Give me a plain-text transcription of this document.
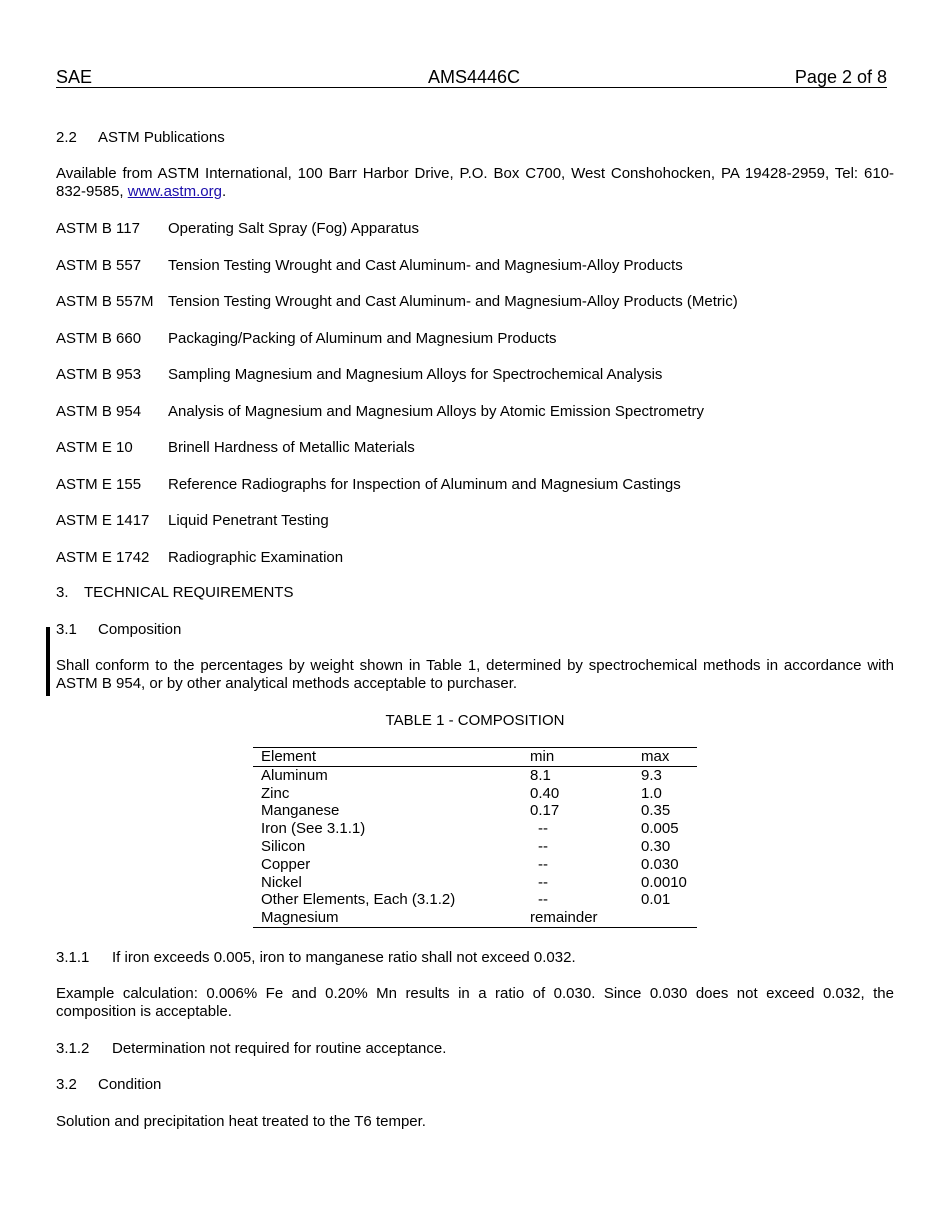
SAE	AMS4446C	Page 2 of 8
2.2 ASTM Publications
Available from ASTM International, 100 Barr Harbor Drive, P.O. Box C700, West Conshohocken, PA 19428-2959, Tel: 610-832-9585, www.astm.org.
ASTM B 117 Operating Salt Spray (Fog) Apparatus
ASTM B 557 Tension Testing Wrought and Cast Aluminum- and Magnesium-Alloy Products
ASTM B 557M Tension Testing Wrought and Cast Aluminum- and Magnesium-Alloy Products (Metric)
ASTM B 660 Packaging/Packing of Aluminum and Magnesium Products
ASTM B 953 Sampling Magnesium and Magnesium Alloys for Spectrochemical Analysis
ASTM B 954 Analysis of Magnesium and Magnesium Alloys by Atomic Emission Spectrometry
ASTM E 10 Brinell Hardness of Metallic Materials
ASTM E 155 Reference Radiographs for Inspection of Aluminum and Magnesium Castings
ASTM E 1417 Liquid Penetrant Testing
ASTM E 1742 Radiographic Examination
3. TECHNICAL REQUIREMENTS
3.1 Composition
Shall conform to the percentages by weight shown in Table 1, determined by spectrochemical methods in accordance with ASTM B 954, or by other analytical methods acceptable to purchaser.
TABLE 1 - COMPOSITION
Element	min	max
Aluminum	8.1	9.3
Zinc	0.40	1.0
Manganese	0.17	0.35
Iron (See 3.1.1)	--	0.005
Silicon	--	0.30
Copper	--	0.030
Nickel	--	0.0010
Other Elements, Each (3.1.2)	--	0.01
Magnesium	remainder	
3.1.1 If iron exceeds 0.005, iron to manganese ratio shall not exceed 0.032.
Example calculation: 0.006% Fe and 0.20% Mn results in a ratio of 0.030. Since 0.030 does not exceed 0.032, the composition is acceptable.
3.1.2 Determination not required for routine acceptance.
3.2 Condition
Solution and precipitation heat treated to the T6 temper.
